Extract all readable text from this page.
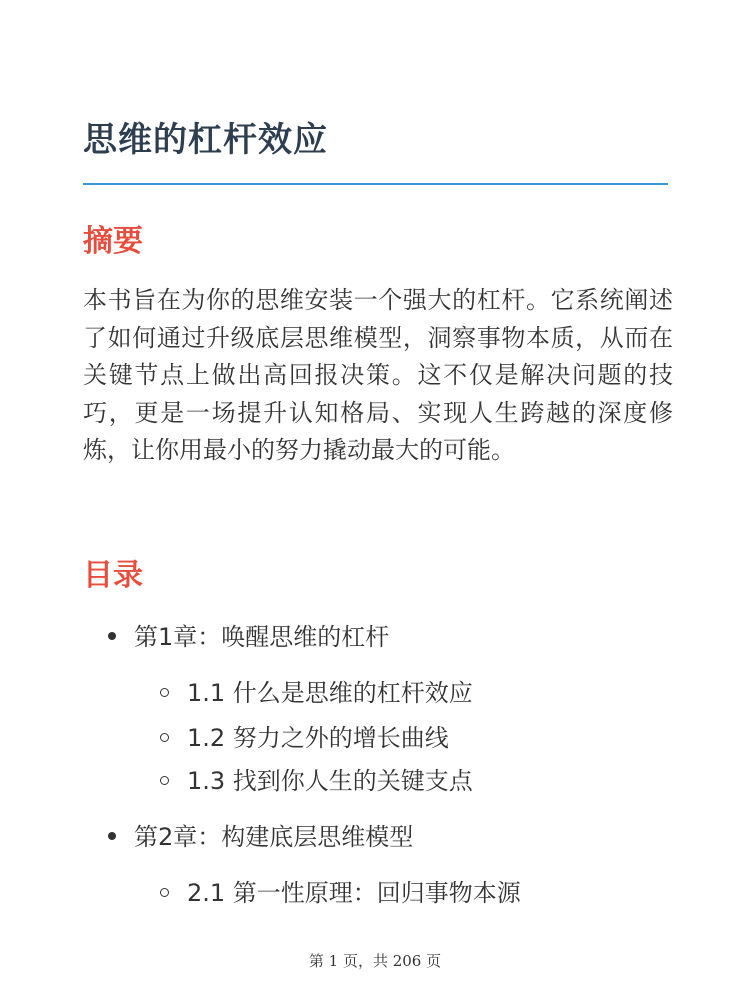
思维的杠杆效应
摘要

本书旨在为你的思维安装一个强大的杠杆。它系统阐述了如何通过升级底层思维模型，洞察事物本质，从而在关键节点上做出高回报决策。这不仅是解决问题的技巧，更是一场提升认知格局、实现人生跨越的深度修炼，让你用最小的努力撬动最大的可能。

目录
第1章：唤醒思维的杠杆
1.1 什么是思维的杠杆效应
1.2 努力之外的增长曲线
1.3 找到你人生的关键支点
第2章：构建底层思维模型
2.1 第一性原理：回归事物本源
第 1 页，共 206 页
